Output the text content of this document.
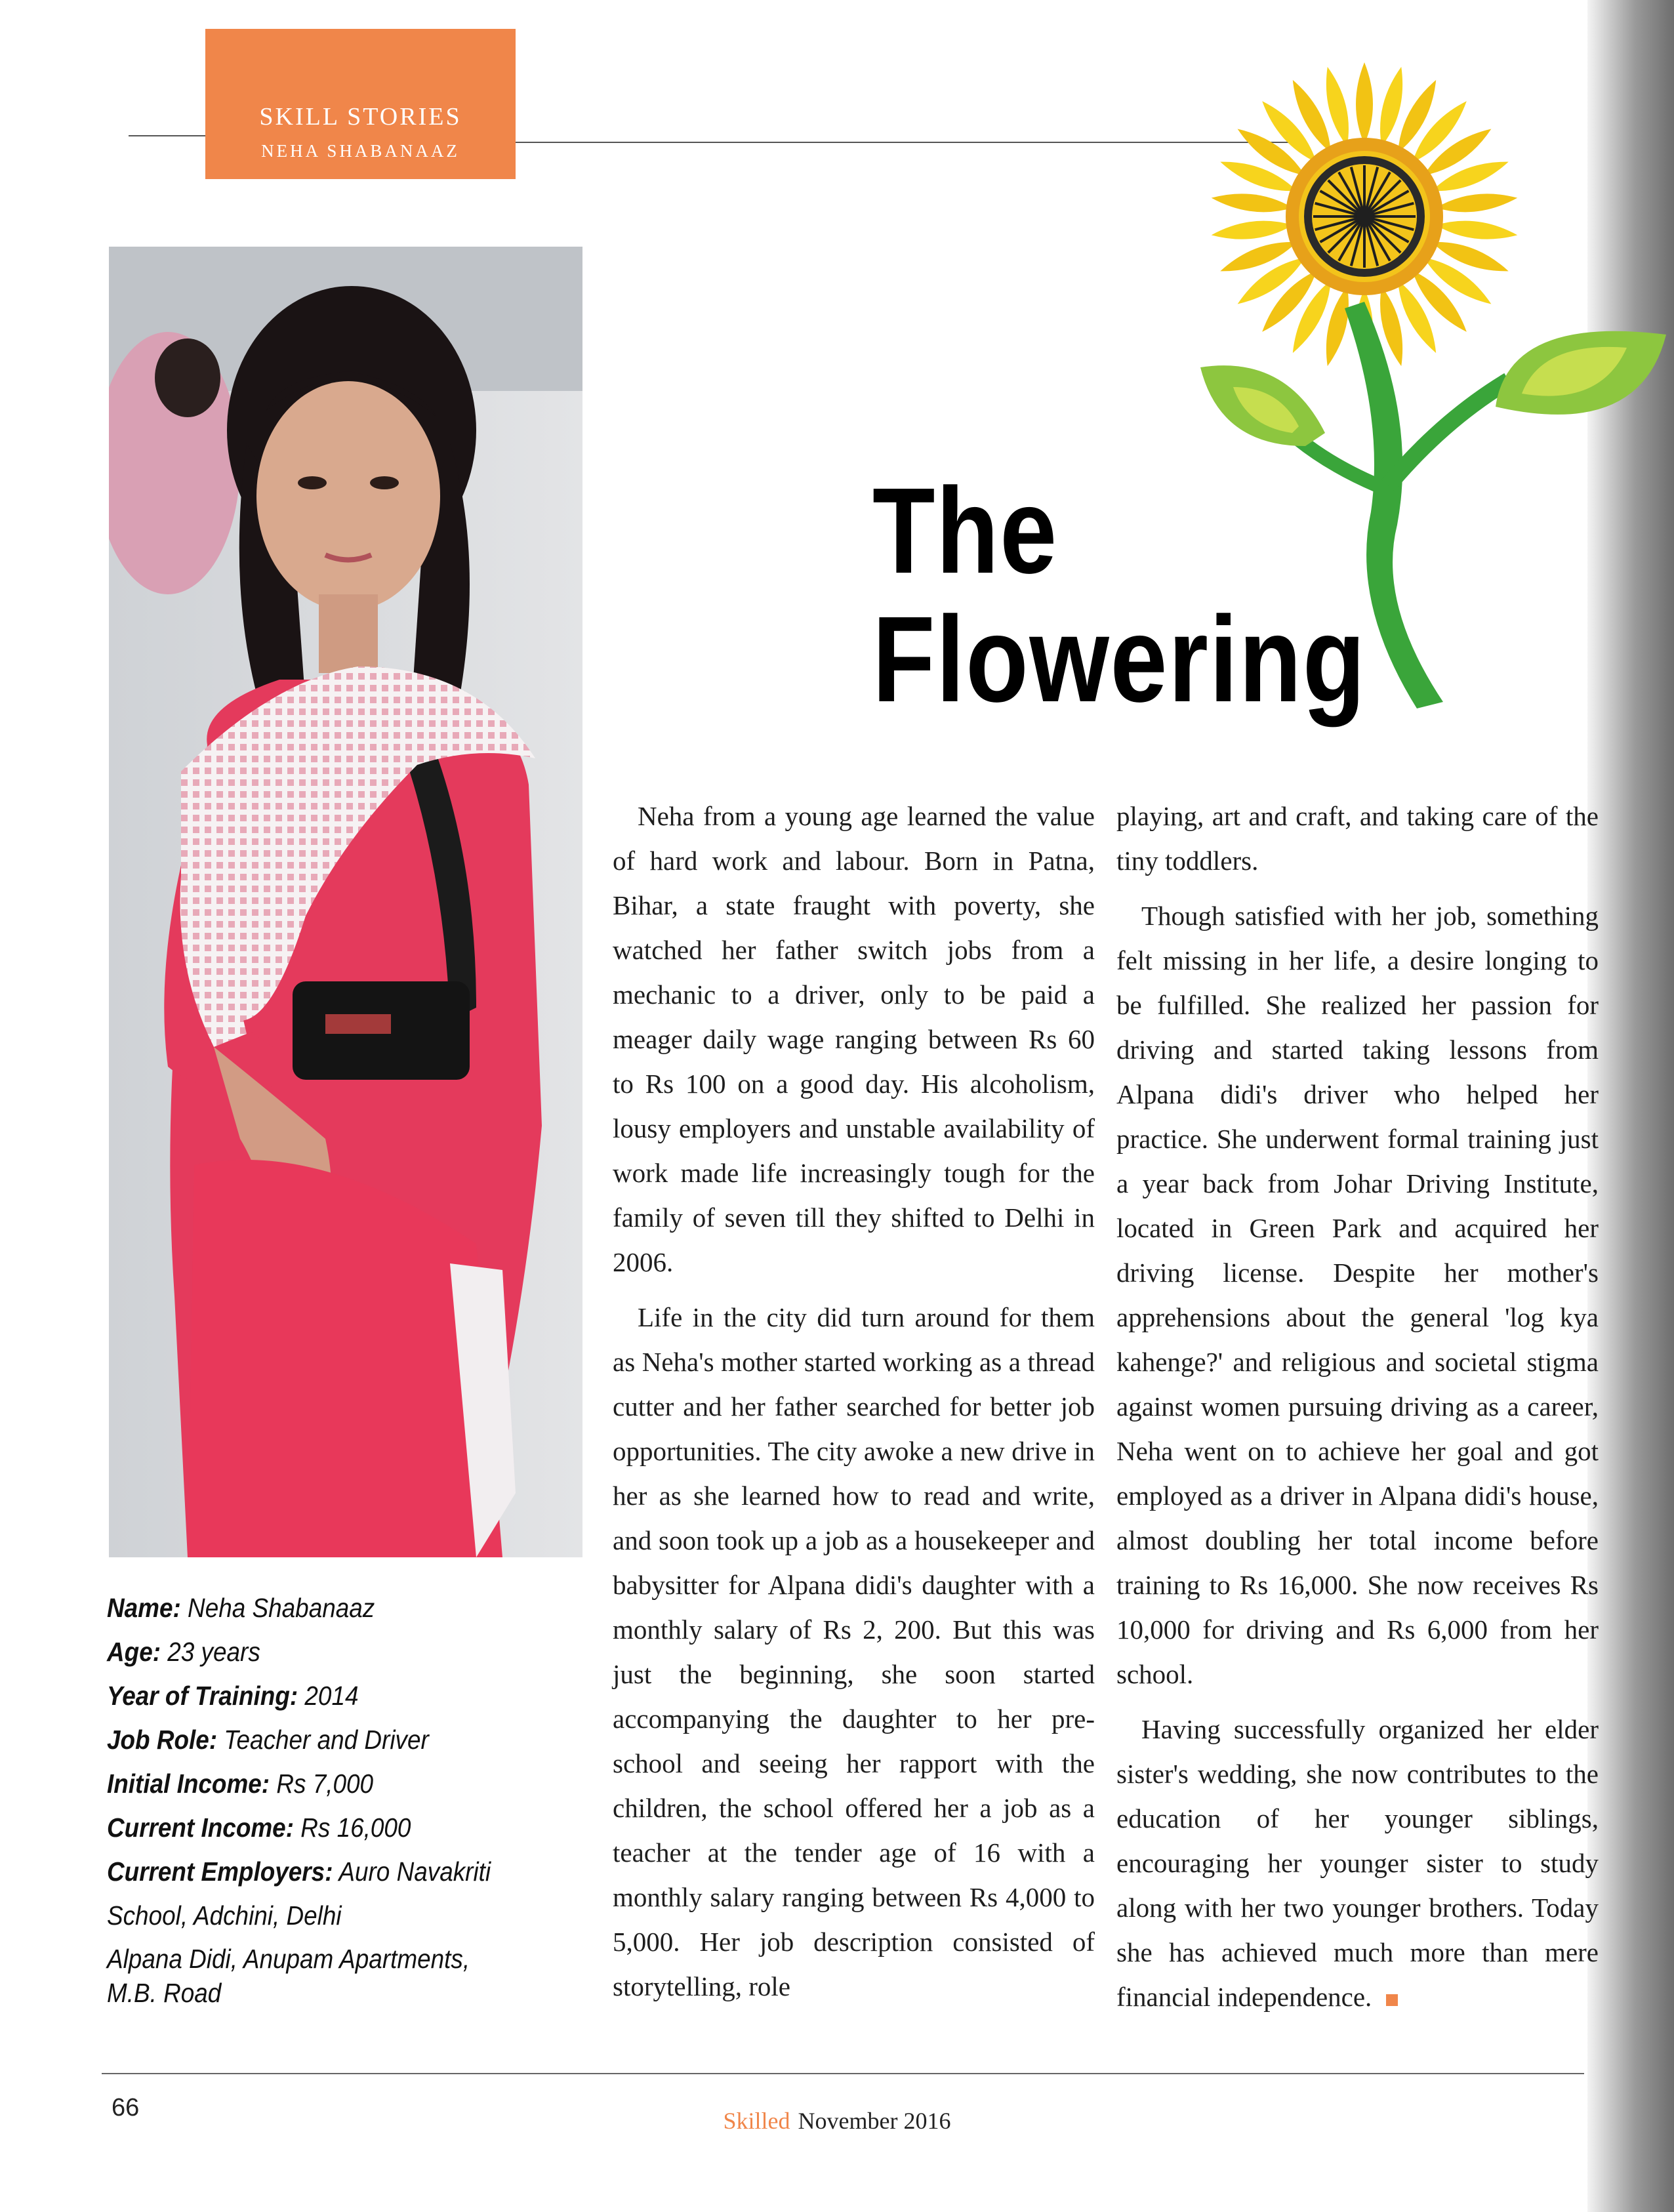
SKILL STORIES
NEHA SHABANAAZ
The
Flowering
Name: Neha Shabanaaz
Age: 23 years
Year of Training: 2014
Job Role: Teacher and Driver
Initial Income: Rs 7,000
Current Income: Rs 16,000
Current Employers: Auro Navakriti School, Adchini, Delhi
Alpana Didi, Anupam Apartments, M.B. Road

Neha from a young age learned the value of hard work and labour. Born in Patna, Bihar, a state fraught with poverty, she watched her father switch jobs from a mechanic to a driver, only to be paid a meager daily wage ranging between Rs 60 to Rs 100 on a good day. His alcoholism, lousy employers and unstable availability of work made life increasingly tough for the family of seven till they shifted to Delhi in 2006.

Life in the city did turn around for them as Neha's mother started working as a thread cutter and her father searched for better job opportunities. The city awoke a new drive in her as she learned how to read and write, and soon took up a job as a housekeeper and babysitter for Alpana didi's daughter with a monthly salary of Rs 2, 200. But this was just the beginning, she soon started accompanying the daughter to her pre-school and seeing her rapport with the children, the school offered her a job as a teacher at the tender age of 16 with a monthly salary ranging between Rs 4,000 to 5,000. Her job description consisted of storytelling, role

playing, art and craft, and taking care of the tiny toddlers.

Though satisfied with her job, something felt missing in her life, a desire longing to be fulfilled. She realized her passion for driving and started taking lessons from Alpana didi's driver who helped her practice. She underwent formal training just a year back from Johar Driving Institute, located in Green Park and acquired her driving license. Despite her mother's apprehensions about the general 'log kya kahenge?' and religious and societal stigma against women pursuing driving as a career, Neha went on to achieve her goal and got employed as a driver in Alpana didi's house, almost doubling her total income before training to Rs 16,000. She now receives Rs 10,000 for driving and Rs 6,000 from her school.

Having successfully organized her elder sister's wedding, she now contributes to the education of her younger siblings, encouraging her younger sister to study along with her two younger brothers. Today she has achieved much more than mere financial independence.

66	Skilled November 2016
